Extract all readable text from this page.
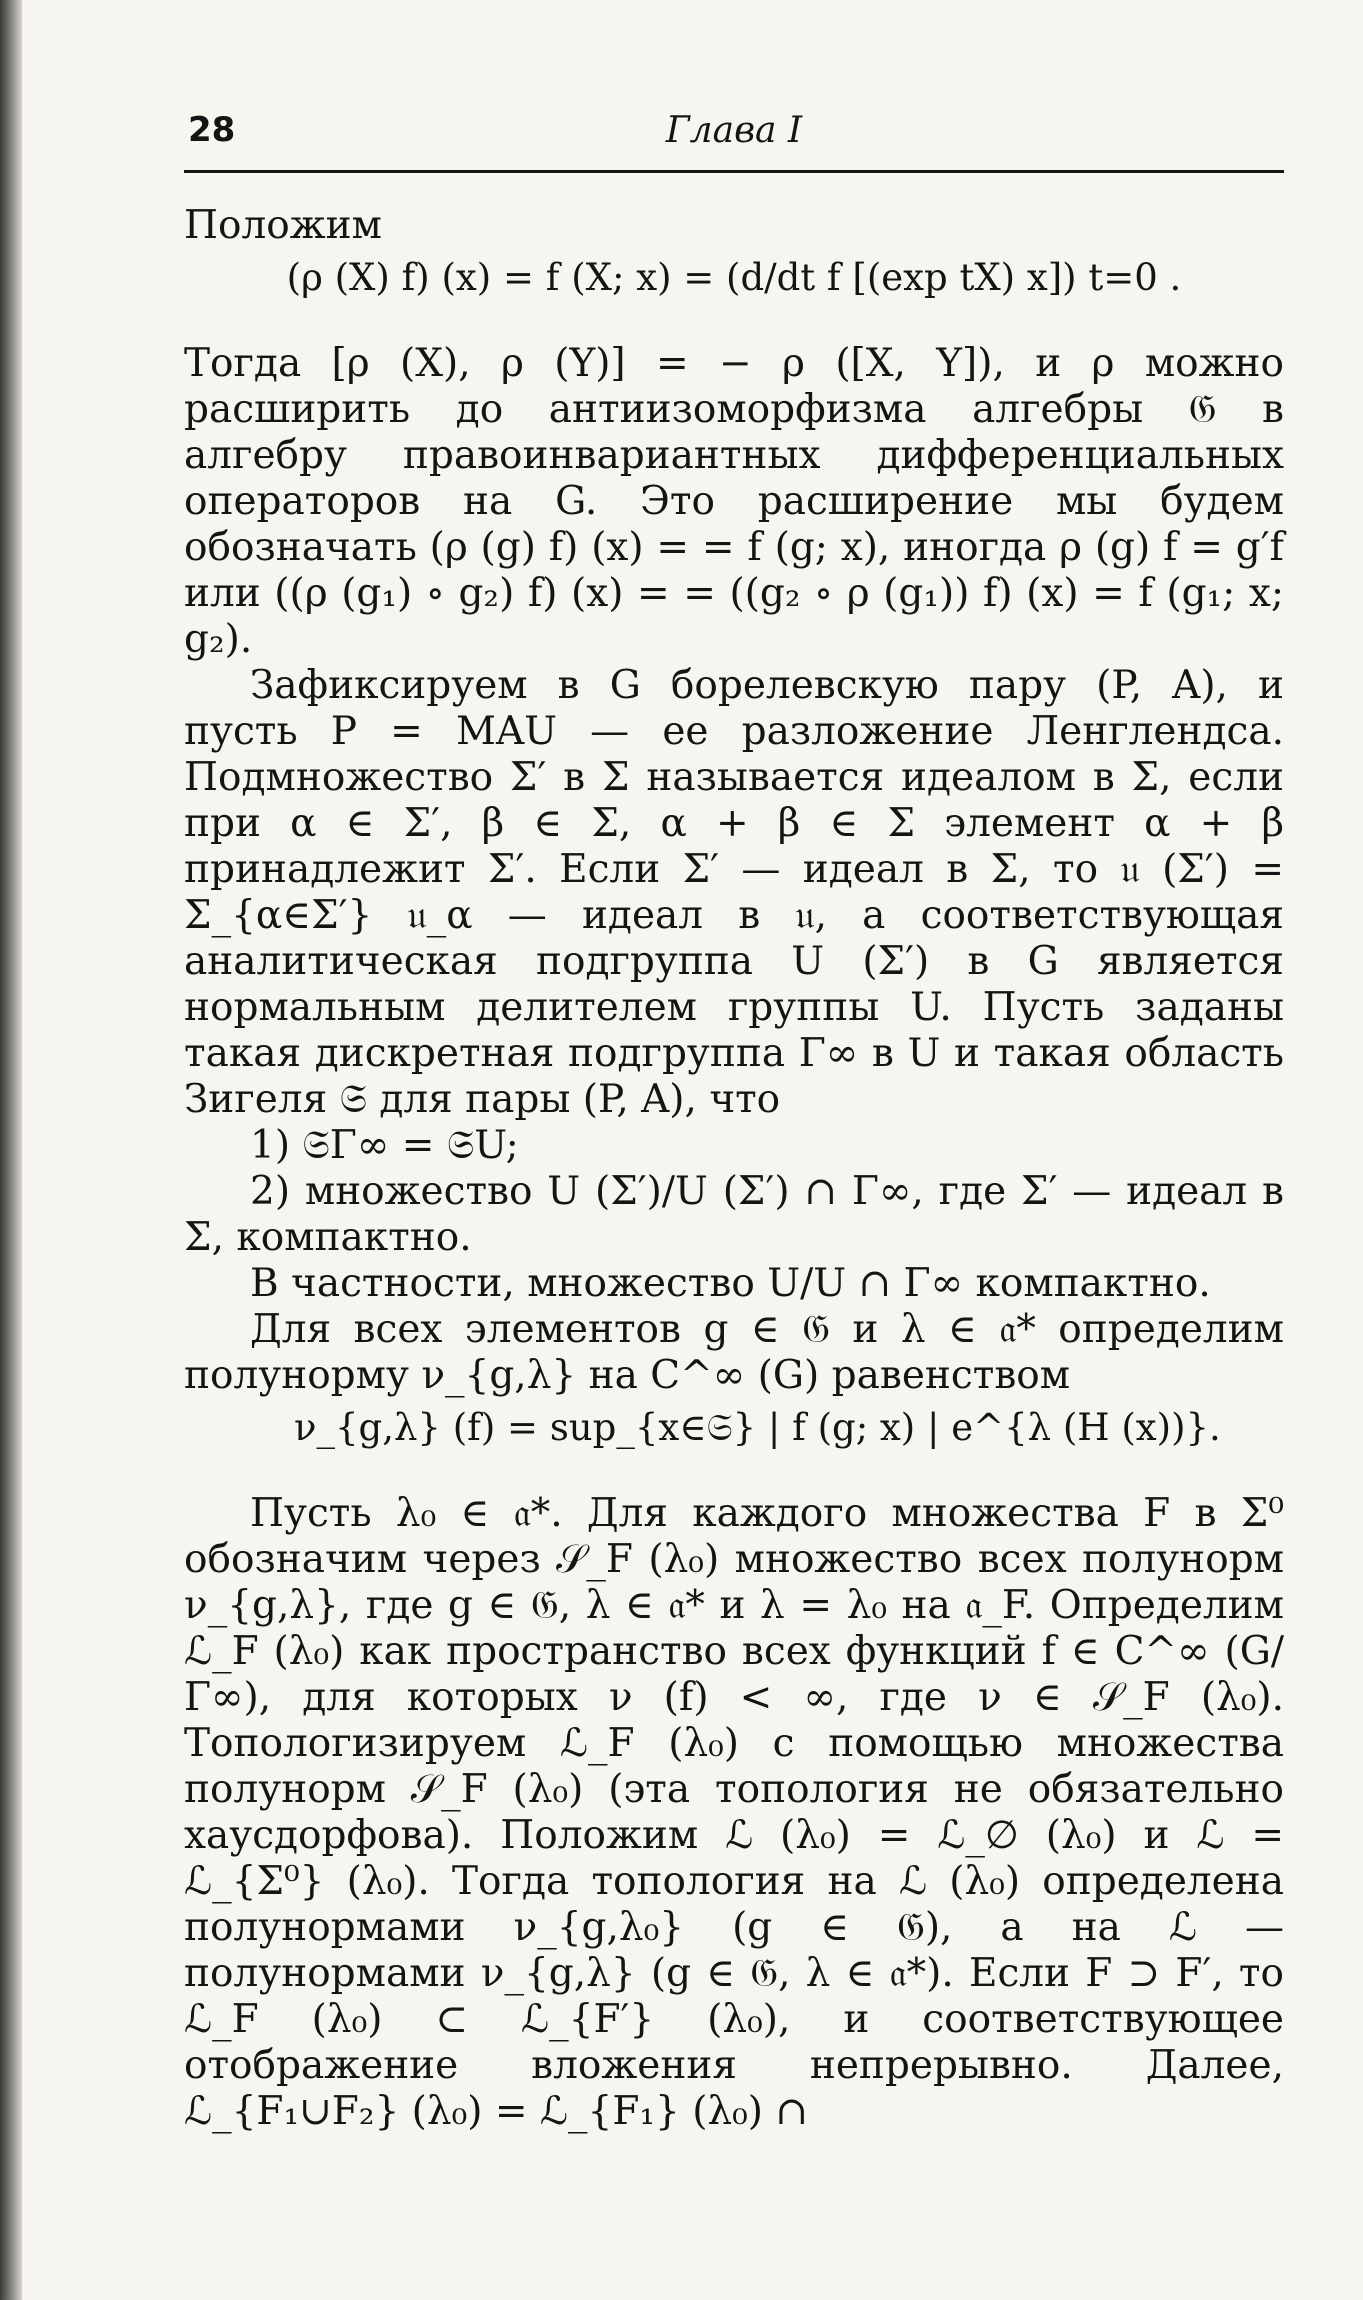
28	Глава I

Положим

(ρ (X) f) (x) = f (X; x) = (d/dt f [(exp tX) x]) t=0 .

Тогда [ρ (X), ρ (Y)] = − ρ ([X, Y]), и ρ можно расширить до антиизоморфизма алгебры 𝔊 в алгебру правоинвариантных дифференциальных операторов на G. Это расширение мы будем обозначать (ρ (g) f) (x) = = f (g; x), иногда ρ (g) f = g′f или ((ρ (g₁) ∘ g₂) f) (x) = = ((g₂ ∘ ρ (g₁)) f) (x) = f (g₁; x; g₂).

Зафиксируем в G борелевскую пару (P, A), и пусть P = MAU — ее разложение Ленглендса. Подмножество Σ′ в Σ называется идеалом в Σ, если при α ∈ Σ′, β ∈ Σ, α + β ∈ Σ элемент α + β принадлежит Σ′. Если Σ′ — идеал в Σ, то 𝔲 (Σ′) = Σ_{α∈Σ′} 𝔲_α — идеал в 𝔲, а соответствующая аналитическая подгруппа U (Σ′) в G является нормальным делителем группы U. Пусть заданы такая дискретная подгруппа Γ∞ в U и такая область Зигеля 𝔖 для пары (P, A), что

1) 𝔖Γ∞ = 𝔖U;

2) множество U (Σ′)/U (Σ′) ∩ Γ∞, где Σ′ — идеал в Σ, компактно.

В частности, множество U/U ∩ Γ∞ компактно.

Для всех элементов g ∈ 𝔊 и λ ∈ 𝔞* определим полунорму ν_{g,λ} на C^∞ (G) равенством

ν_{g,λ} (f) = sup_{x∈𝔖} | f (g; x) | e^{λ (H (x))}.

Пусть λ₀ ∈ 𝔞*. Для каждого множества F в Σ⁰ обозначим через 𝒮_F (λ₀) множество всех полунорм ν_{g,λ}, где g ∈ 𝔊, λ ∈ 𝔞* и λ = λ₀ на 𝔞_F. Определим ℒ_F (λ₀) как пространство всех функций f ∈ C^∞ (G/Γ∞), для которых ν (f) < ∞, где ν ∈ 𝒮_F (λ₀). Топологизируем ℒ_F (λ₀) с помощью множества полунорм 𝒮_F (λ₀) (эта топология не обязательно хаусдорфова). Положим ℒ (λ₀) = ℒ_∅ (λ₀) и ℒ = ℒ_{Σ⁰} (λ₀). Тогда топология на ℒ (λ₀) определена полунормами ν_{g,λ₀} (g ∈ 𝔊), а на ℒ — полунормами ν_{g,λ} (g ∈ 𝔊, λ ∈ 𝔞*). Если F ⊃ F′, то ℒ_F (λ₀) ⊂ ℒ_{F′} (λ₀), и соответствующее отображение вложения непрерывно. Далее, ℒ_{F₁∪F₂} (λ₀) = ℒ_{F₁} (λ₀) ∩
